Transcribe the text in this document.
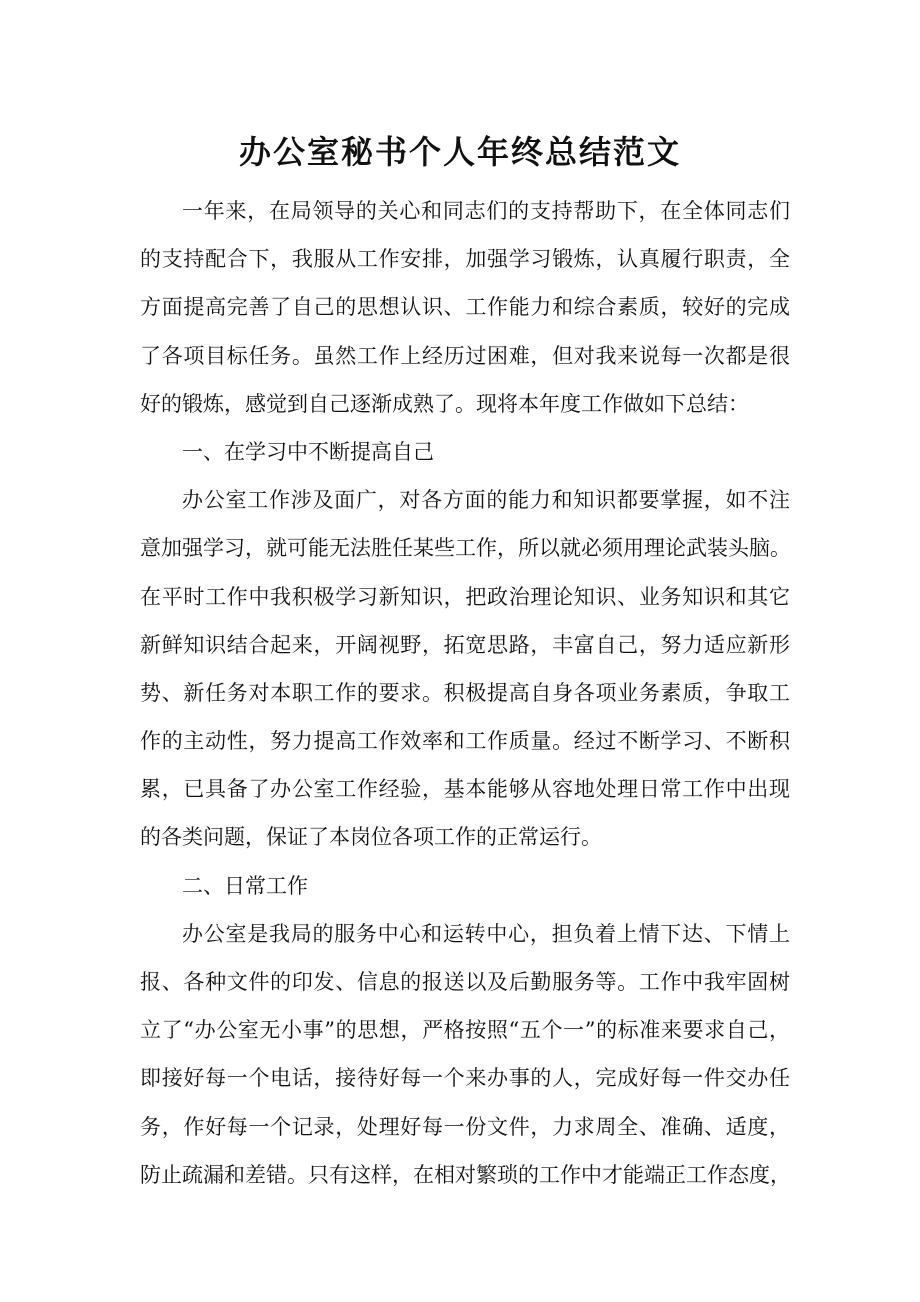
办公室秘书个人年终总结范文
一年来，在局领导的关心和同志们的支持帮助下，在全体同志们
的支持配合下，我服从工作安排，加强学习锻炼，认真履行职责，全
方面提高完善了自己的思想认识、工作能力和综合素质，较好的完成
了各项目标任务。虽然工作上经历过困难，但对我来说每一次都是很
好的锻炼，感觉到自己逐渐成熟了。现将本年度工作做如下总结：
一、在学习中不断提高自己
办公室工作涉及面广，对各方面的能力和知识都要掌握，如不注
意加强学习，就可能无法胜任某些工作，所以就必须用理论武装头脑。
在平时工作中我积极学习新知识，把政治理论知识、业务知识和其它
新鲜知识结合起来，开阔视野，拓宽思路，丰富自己，努力适应新形
势、新任务对本职工作的要求。积极提高自身各项业务素质，争取工
作的主动性，努力提高工作效率和工作质量。经过不断学习、不断积
累，已具备了办公室工作经验，基本能够从容地处理日常工作中出现
的各类问题，保证了本岗位各项工作的正常运行。
二、日常工作
办公室是我局的服务中心和运转中心，担负着上情下达、下情上
报、各种文件的印发、信息的报送以及后勤服务等。工作中我牢固树
立了“办公室无小事”的思想，严格按照“五个一”的标准来要求自己，
即接好每一个电话，接待好每一个来办事的人，完成好每一件交办任
务，作好每一个记录，处理好每一份文件，力求周全、准确、适度，
防止疏漏和差错。只有这样，在相对繁琐的工作中才能端正工作态度，
